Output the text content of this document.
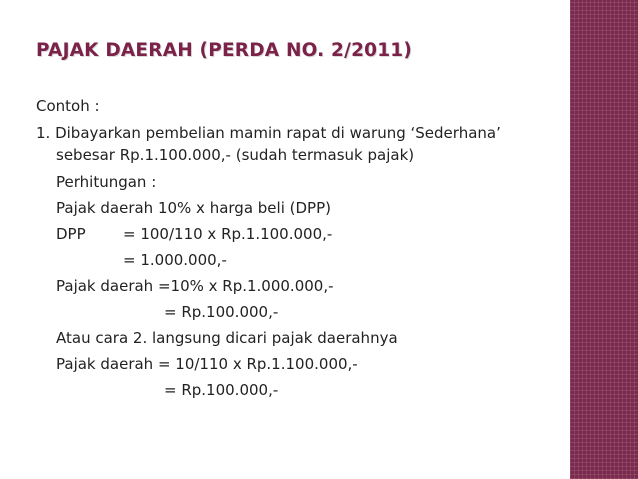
PAJAK DAERAH (PERDA NO. 2/2011)
Contoh :
1. Dibayarkan pembelian mamin rapat di warung ‘Sederhana’
sebesar Rp.1.100.000,- (sudah termasuk pajak)
Perhitungan :
Pajak daerah 10% x harga beli (DPP)
DPP = 100/110 x Rp.1.100.000,-
= 1.000.000,-
Pajak daerah =10% x Rp.1.000.000,-
= Rp.100.000,-
Atau cara 2. langsung dicari pajak daerahnya
Pajak daerah = 10/110 x Rp.1.100.000,-
= Rp.100.000,-
